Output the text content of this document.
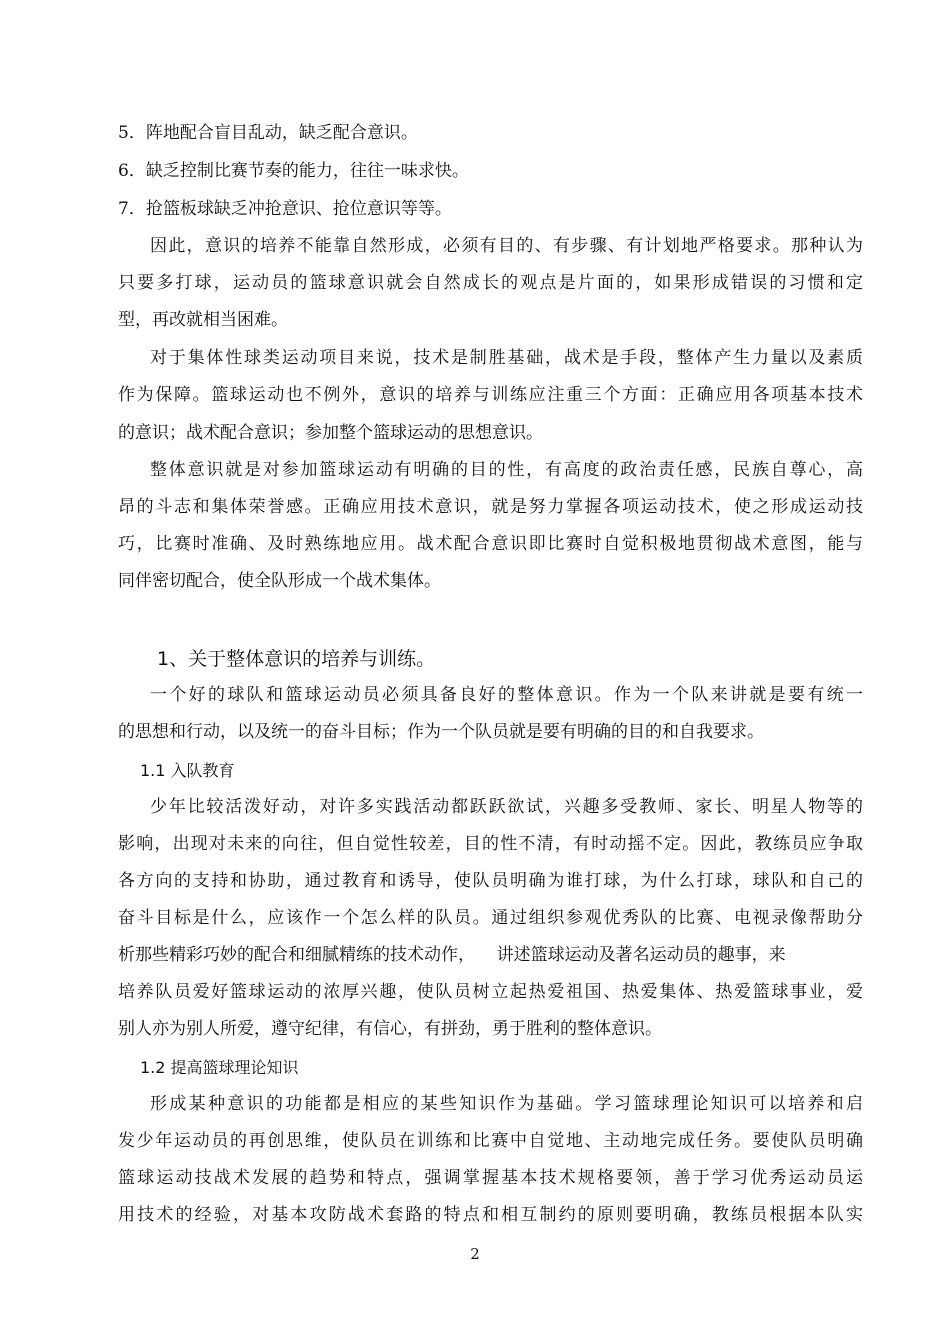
5．阵地配合盲目乱动，缺乏配合意识。
6．缺乏控制比赛节奏的能力，往往一味求快。
7．抢篮板球缺乏冲抢意识、抢位意识等等。
因此，意识的培养不能靠自然形成，必须有目的、有步骤、有计划地严格要求。那种认为
只要多打球，运动员的篮球意识就会自然成长的观点是片面的，如果形成错误的习惯和定
型，再改就相当困难。
对于集体性球类运动项目来说，技术是制胜基础，战术是手段，整体产生力量以及素质
作为保障。篮球运动也不例外，意识的培养与训练应注重三个方面：正确应用各项基本技术
的意识；战术配合意识；参加整个篮球运动的思想意识。
整体意识就是对参加篮球运动有明确的目的性，有高度的政治责任感，民族自尊心，高
昂的斗志和集体荣誉感。正确应用技术意识，就是努力掌握各项运动技术，使之形成运动技
巧，比赛时准确、及时熟练地应用。战术配合意识即比赛时自觉积极地贯彻战术意图，能与
同伴密切配合，使全队形成一个战术集体。
1、关于整体意识的培养与训练。
一个好的球队和篮球运动员必须具备良好的整体意识。作为一个队来讲就是要有统一
的思想和行动，以及统一的奋斗目标；作为一个队员就是要有明确的目的和自我要求。
1.1 入队教育
少年比较活泼好动，对许多实践活动都跃跃欲试，兴趣多受教师、家长、明星人物等的
影响，出现对未来的向往，但自觉性较差，目的性不清，有时动摇不定。因此，教练员应争取
各方向的支持和协助，通过教育和诱导，使队员明确为谁打球，为什么打球，球队和自己的
奋斗目标是什么，应该作一个怎么样的队员。通过组织参观优秀队的比赛、电视录像帮助分
析那些精彩巧妙的配合和细腻精练的技术动作，    讲述篮球运动及著名运动员的趣事，来
培养队员爱好篮球运动的浓厚兴趣，使队员树立起热爱祖国、热爱集体、热爱篮球事业，爱
别人亦为别人所爱，遵守纪律，有信心，有拼劲，勇于胜利的整体意识。
1.2 提高篮球理论知识
形成某种意识的功能都是相应的某些知识作为基础。学习篮球理论知识可以培养和启
发少年运动员的再创思维，使队员在训练和比赛中自觉地、主动地完成任务。要使队员明确
篮球运动技战术发展的趋势和特点，强调掌握基本技术规格要领，善于学习优秀运动员运
用技术的经验，对基本攻防战术套路的特点和相互制约的原则要明确，教练员根据本队实
2
